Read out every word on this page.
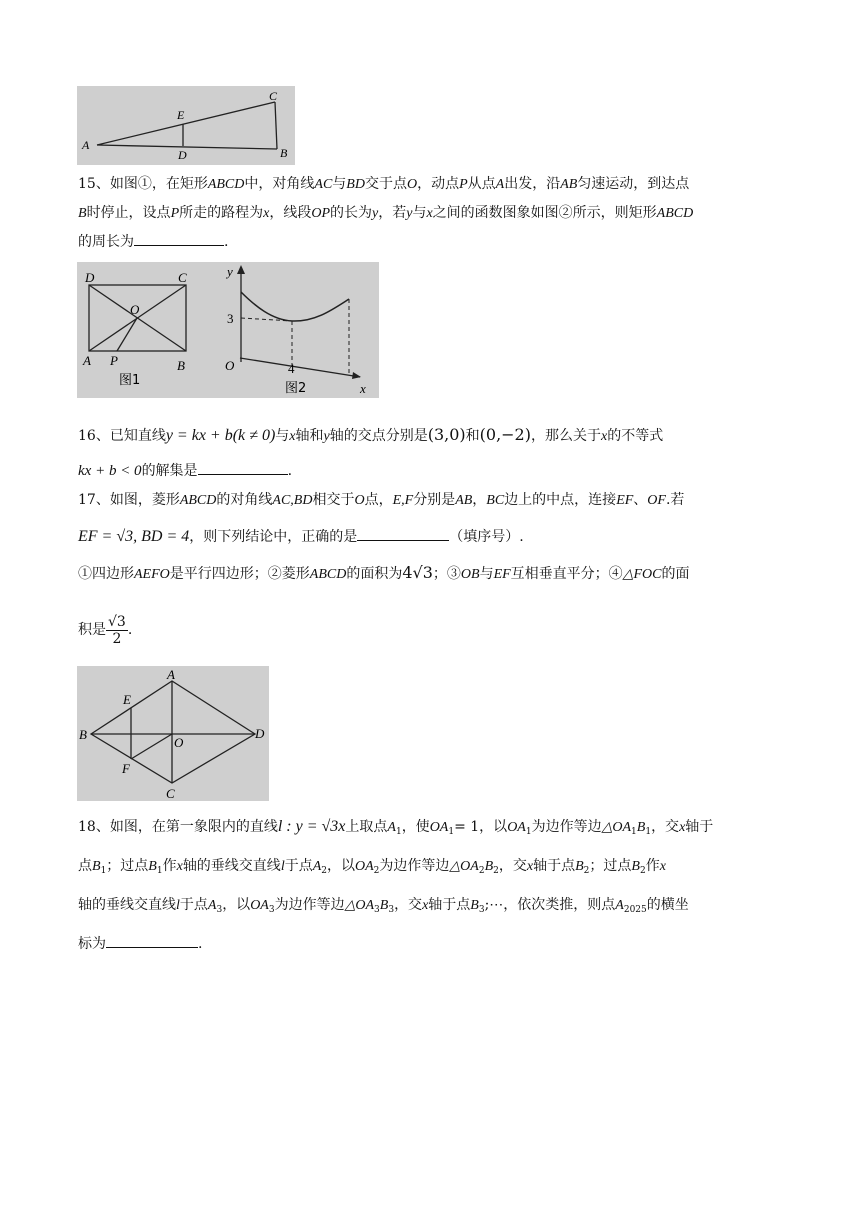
A
E
C
D	B
15、如图①，在矩形ABCD中，对角线AC与BD交于点O，动点P从点A出发，沿AB匀速运动，到达点
B时停止，设点P所走的路程为x，线段OP的长为y，若y与x之间的函数图象如图②所示，则矩形ABCD
的周长为	.
D	C
O
A P	B
图1
y
3
O	4
x
图2
16、已知直线y = kx + b(k ≠ 0)与x轴和y轴的交点分别是(3,0)和(0,−2)，那么关于x的不等式
kx + b < 0的解集是	.
17、如图，菱形ABCD的对角线AC,BD相交于O点，E,F分别是AB，BC边上的中点，连接EF、OF.若
EF = √3, BD = 4，则下列结论中，正确的是	（填序号）.
①四边形AEFO是平行四边形；②菱形ABCD的面积为4√3；③OB与EF互相垂直平分；④△FOC的面
积是 $\frac{√3}{2}$ .
A
E
B
O
D
F
C
18、如图，在第一象限内的直线l : y = √3x上取点$A_1$，使$OA_1= 1$，以$OA_1$为边作等边$\triangle OA_1B_1$，交x轴于
点$B_1$；过点$B_1$作x轴的垂线交直线l于点$A_2$，以$OA_2$为边作等边$\triangle OA_2B_2$，交x轴于点$B_2$；过点$B_2$作x
轴的垂线交直线l于点$A_3$，以$OA_3$为边作等边$\triangle OA_3B_3$，交x轴于点$B_3;\cdots$，依次类推，则点$A_{2025}$的横坐
标为	.
